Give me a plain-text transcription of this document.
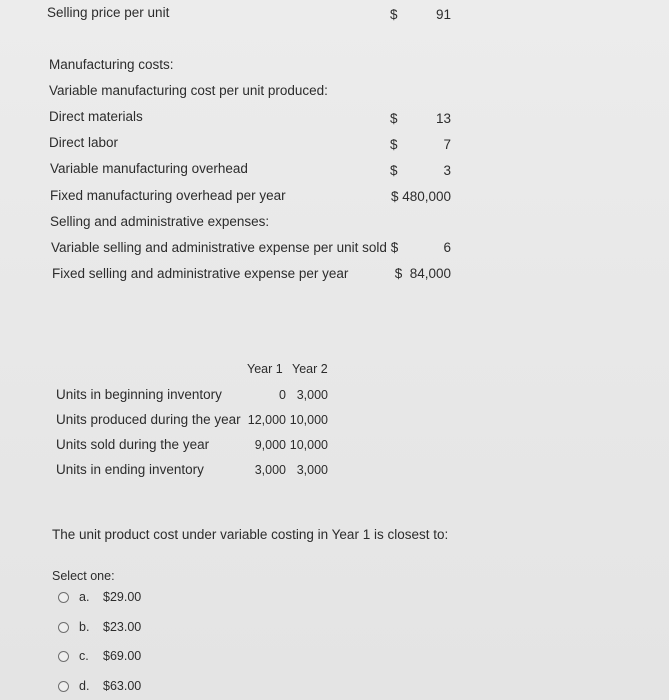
Selling price per unit	$	91
Manufacturing costs:
Variable manufacturing cost per unit produced:
Direct materials	$	13
Direct labor	$	7
Variable manufacturing overhead	$	3
Fixed manufacturing overhead per year	$ 480,000
Selling and administrative expenses:
Variable selling and administrative expense per unit sold $	6
Fixed selling and administrative expense per year	$  84,000
Year 1 Year 2
Units in beginning inventory	0 3,000
Units produced during the year 12,000 10,000
Units sold during the year	9,000 10,000
Units in ending inventory	3,000 3,000
The unit product cost under variable costing in Year 1 is closest to:
Select one:
a. $29.00
b. $23.00
c. $69.00
d. $63.00
